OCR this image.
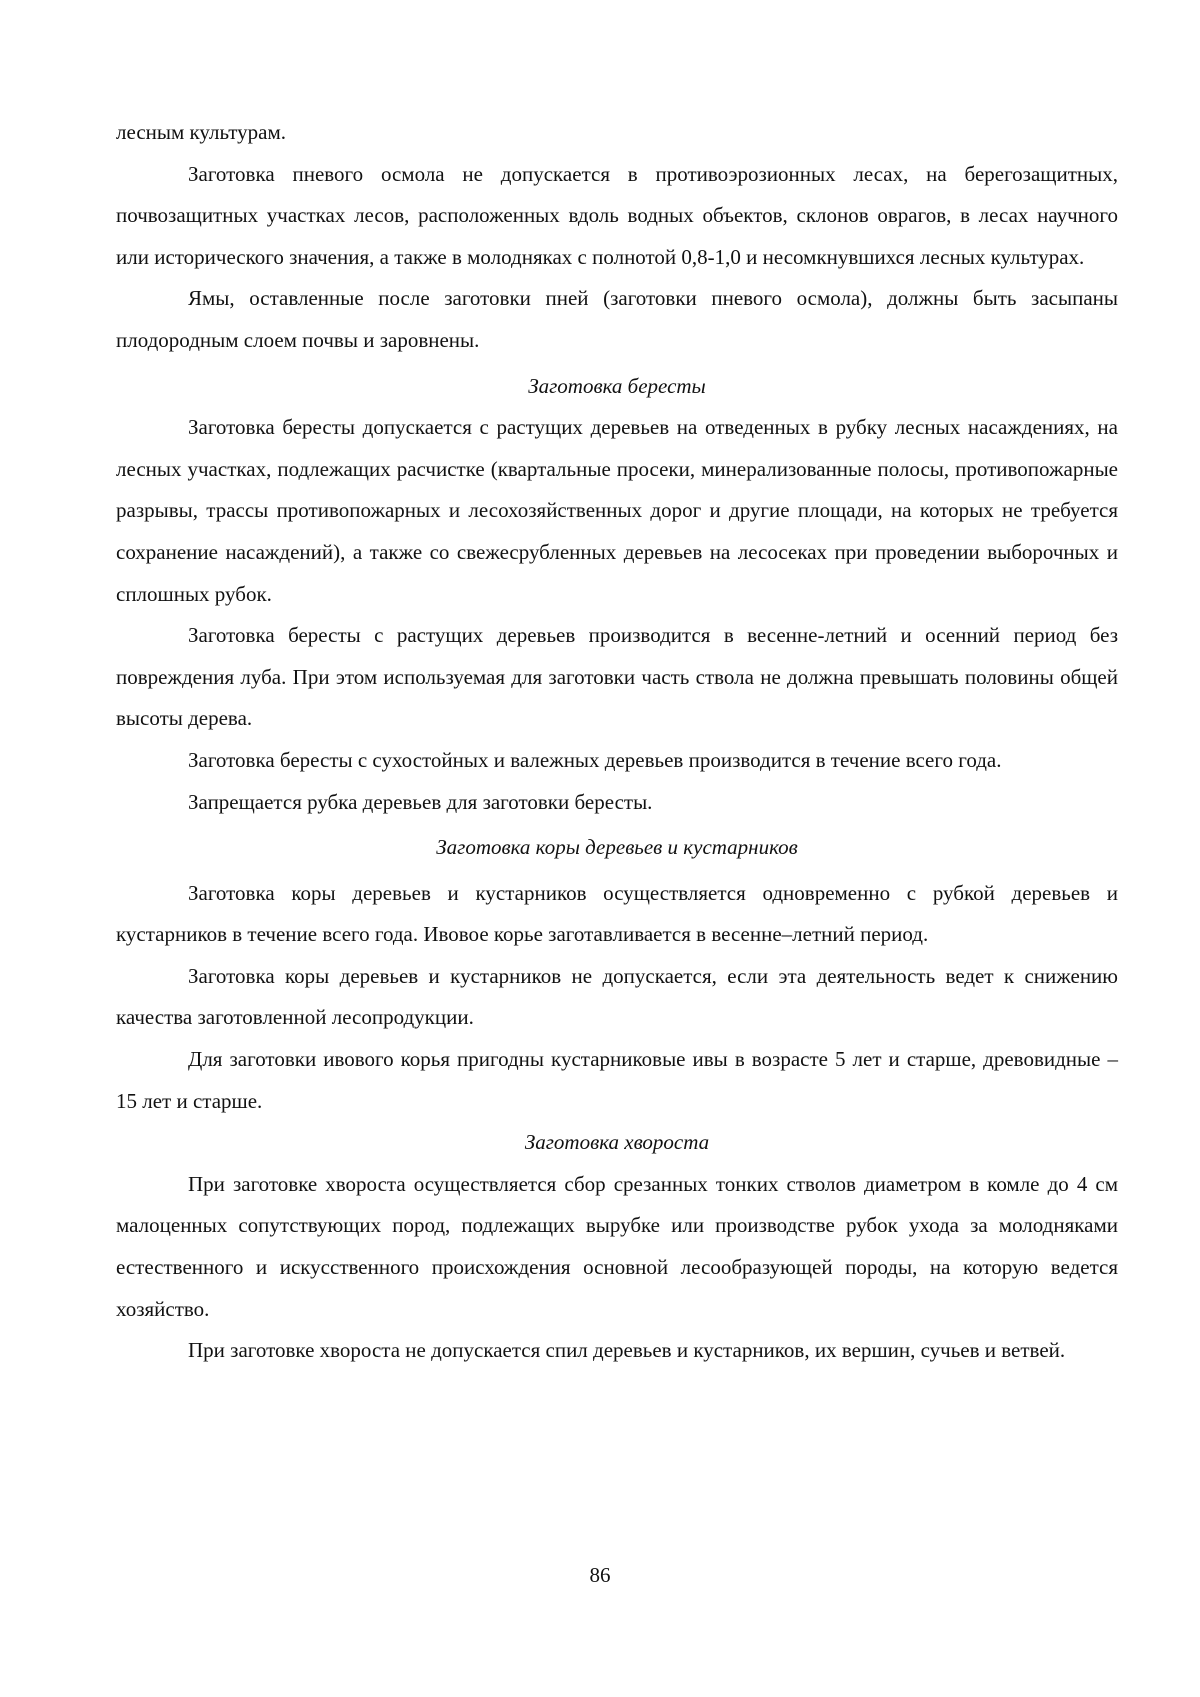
лесным культурам.

Заготовка пневого осмола не допускается в противоэрозионных лесах, на берегозащитных, почвозащитных участках лесов, расположенных вдоль водных объектов, склонов оврагов, в лесах научного или исторического значения, а также в молодняках с полнотой 0,8-1,0 и несомкнувшихся лесных культурах.

Ямы, оставленные после заготовки пней (заготовки пневого осмола), должны быть засыпаны плодородным слоем почвы и заровнены.

Заготовка бересты

Заготовка бересты допускается с растущих деревьев на отведенных в рубку лесных насаждениях, на лесных участках, подлежащих расчистке (квартальные просеки, минерализованные полосы, противопожарные разрывы, трассы противопожарных и лесохозяйственных дорог и другие площади, на которых не требуется сохранение насаждений), а также со свежесрубленных деревьев на лесосеках при проведении выборочных и сплошных рубок.

Заготовка бересты с растущих деревьев производится в весенне-летний и осенний период без повреждения луба. При этом используемая для заготовки часть ствола не должна превышать половины общей высоты дерева.

Заготовка бересты с сухостойных и валежных деревьев производится в течение всего года.

Запрещается рубка деревьев для заготовки бересты.

Заготовка коры деревьев и кустарников

Заготовка коры деревьев и кустарников осуществляется одновременно с рубкой деревьев и кустарников в течение всего года. Ивовое корье заготавливается в весенне–летний период.

Заготовка коры деревьев и кустарников не допускается, если эта деятельность ведет к снижению качества заготовленной лесопродукции.

Для заготовки ивового корья пригодны кустарниковые ивы в возрасте 5 лет и старше, древовидные – 15 лет и старше.

Заготовка хвороста

При заготовке хвороста осуществляется сбор срезанных тонких стволов диаметром в комле до 4 см малоценных сопутствующих пород, подлежащих вырубке или производстве рубок ухода за молодняками естественного и искусственного происхождения основной лесообразующей породы, на которую ведется хозяйство.

При заготовке хвороста не допускается спил деревьев и кустарников, их вершин, сучьев и ветвей.

86
